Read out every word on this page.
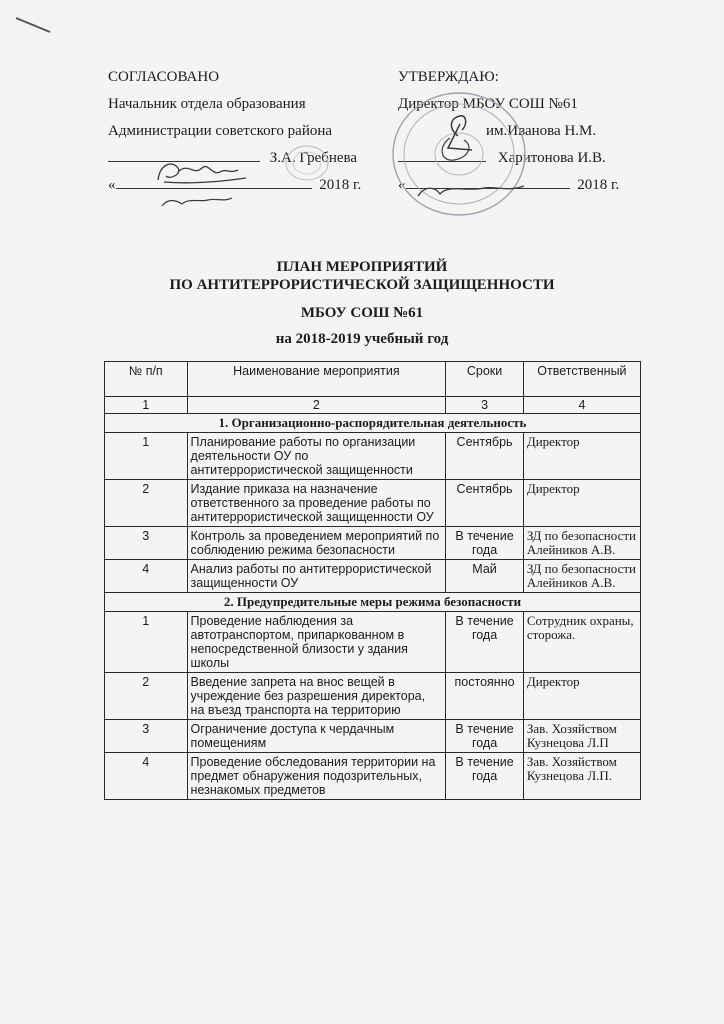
СОГЛАСОВАНО
Начальник отдела образования
Администрации советского района
З.А. Гребнева
«	2018 г.
УТВЕРЖДАЮ:
Директор МБОУ СОШ №61
им.Иванова Н.М.
Харитонова И.В.
«	2018 г.
ПЛАН МЕРОПРИЯТИЙ
ПО АНТИТЕРРОРИСТИЧЕСКОЙ ЗАЩИЩЕННОСТИ
МБОУ СОШ №61
на 2018-2019 учебный год
№ п/п	Наименование мероприятия	Сроки	Ответственный
1	2	3	4
1. Организационно-распорядительная деятельность			
1	Планирование работы по организации деятельности ОУ по антитеррористической защищенности	Сентябрь	Директор
2	Издание приказа на назначение ответственного за проведение работы по антитеррористической защищенности ОУ	Сентябрь	Директор
3	Контроль за проведением мероприятий по соблюдению режима безопасности	В течение года	ЗД по безопасности Алейников А.В.
4	Анализ работы по антитеррористической защищенности ОУ	Май	ЗД по безопасности Алейников А.В.
2. Предупредительные меры режима безопасности			
1	Проведение наблюдения за автотранспортом, припаркованном в непосредственной близости у здания школы	В течение года	Сотрудник охраны, сторожа.
2	Введение запрета на внос вещей в учреждение без разрешения директора, на въезд транспорта на территорию	постоянно	Директор
3	Ограничение доступа к чердачным помещениям	В течение года	Зав. Хозяйством Кузнецова Л.П
4	Проведение обследования территории на предмет обнаружения подозрительных, незнакомых предметов	В течение года	Зав. Хозяйством Кузнецова Л.П.
